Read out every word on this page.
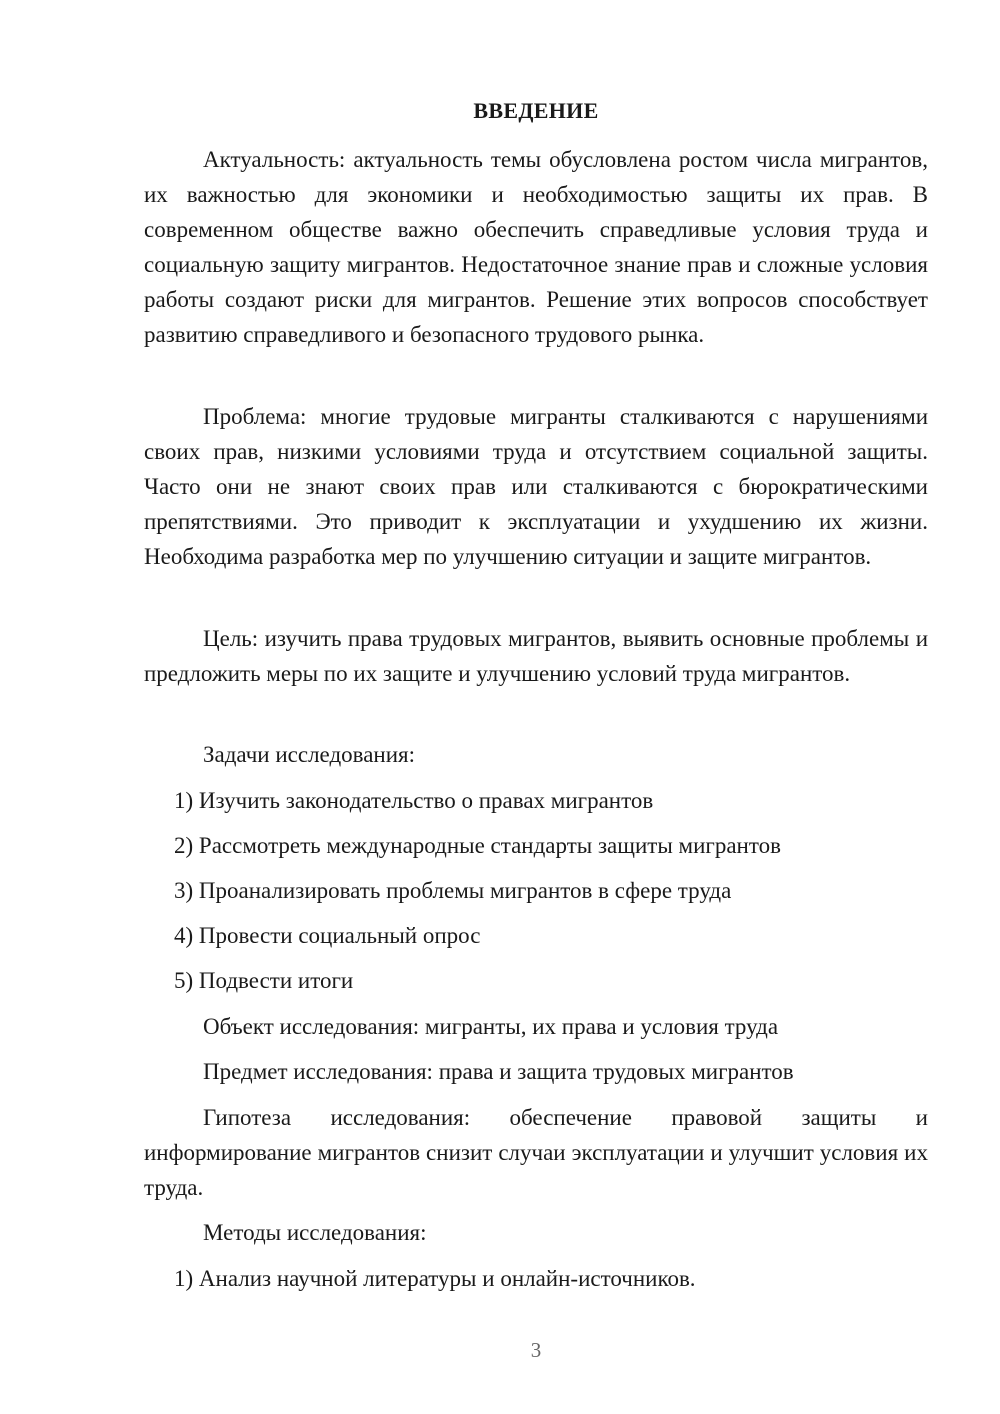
ВВЕДЕНИЕ

Актуальность: актуальность темы обусловлена ростом числа мигрантов, их важностью для экономики и необходимостью защиты их прав. В современном обществе важно обеспечить справедливые условия труда и социальную защиту мигрантов. Недостаточное знание прав и сложные условия работы создают риски для мигрантов. Решение этих вопросов способствует развитию справедливого и безопасного трудового рынка.

Проблема: многие трудовые мигранты сталкиваются с нарушениями своих прав, низкими условиями труда и отсутствием социальной защиты. Часто они не знают своих прав или сталкиваются с бюрократическими препятствиями. Это приводит к эксплуатации и ухудшению их жизни. Необходима разработка мер по улучшению ситуации и защите мигрантов.

Цель: изучить права трудовых мигрантов, выявить основные проблемы и предложить меры по их защите и улучшению условий труда мигрантов.

Задачи исследования:

1) Изучить законодательство о правах мигрантов

2) Рассмотреть международные стандарты защиты мигрантов

3) Проанализировать проблемы мигрантов в сфере труда

4) Провести социальный опрос

5) Подвести итоги

Объект исследования: мигранты, их права и условия труда

Предмет исследования: права и защита трудовых мигрантов

Гипотеза исследования: обеспечение правовой защиты и информирование мигрантов снизит случаи эксплуатации и улучшит условия их труда.

Методы исследования:

1) Анализ научной литературы и онлайн-источников.

3
